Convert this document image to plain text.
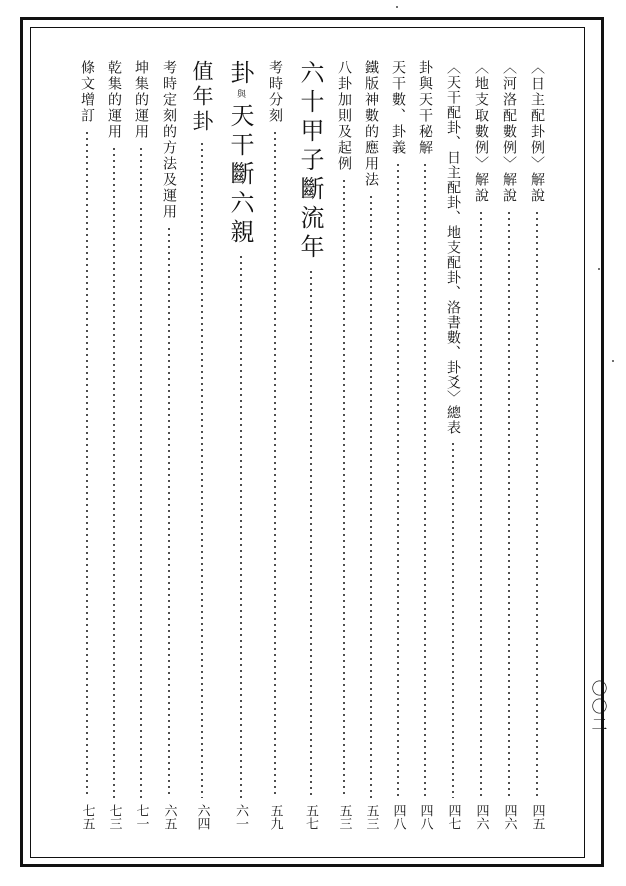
〈日主配卦例〉解說
四五
〈河洛配數例〉解說
四六
〈地支取數例〉解說
四六
〈天干配卦、日主配卦、地支配卦、洛書數、卦爻〉總表
四七
卦與天干秘解
四八
天干數、卦義
四八
鐵版神數的應用法
五三
八卦加則及起例
五三
六十甲子斷流年
五七
考時分刻
五九
卦與天干斷六親
六一
值年卦
六四
考時定刻的方法及運用
六五
坤集的運用
七一
乾集的運用
七三
條文增訂
七五
〇〇二
